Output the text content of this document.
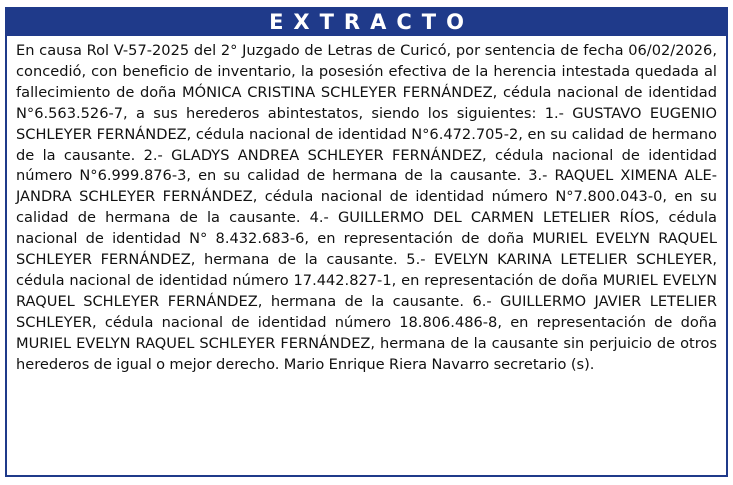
EXTRACTO
En causa Rol V-57-2025 del 2° Juzgado de Letras de Curicó, por sentencia de fecha 06/02/2026, concedió, con beneficio de inventario, la posesión efectiva de la herencia intestada quedada al fallecimiento de doña MÓNICA CRISTINA SCHLEYER FERNÁNDEZ, cédula nacional de identidad N°6.563.526-7, a sus herederos abintestatos, siendo los siguientes: 1.- GUSTAVO EUGENIO SCHLEYER FERNÁNDEZ, cédula nacional de identidad N°6.472.705-2, en su calidad de hermano de la causante. 2.- GLADYS ANDREA SCHLEYER FERNÁNDEZ, cédula nacional de identidad número N°6.999.876-3, en su calidad de hermana de la causante. 3.- RAQUEL XIMENA ALEJANDRA SCHLEYER FERNÁNDEZ, cédula nacional de identidad número N°7.800.043-0, en su calidad de hermana de la causante. 4.- GUILLERMO DEL CARMEN LETELIER RÍOS, cédula nacional de identidad N° 8.432.683-6, en representación de doña MURIEL EVELYN RAQUEL SCHLEYER FERNÁNDEZ, hermana de la causante. 5.- EVELYN KARINA LETELIER SCHLEYER, cédula nacional de identidad número 17.442.827-1, en representación de doña MURIEL EVELYN RAQUEL SCHLEYER FERNÁNDEZ, hermana de la causante. 6.- GUILLERMO JAVIER LETELIER SCHLEYER, cédula nacional de identidad número 18.806.486-8, en representación de doña MURIEL EVELYN RAQUEL SCHLEYER FERNÁNDEZ, hermana de la causante sin perjuicio de otros herederos de igual o mejor derecho. Mario Enrique Riera Navarro secretario (s).
